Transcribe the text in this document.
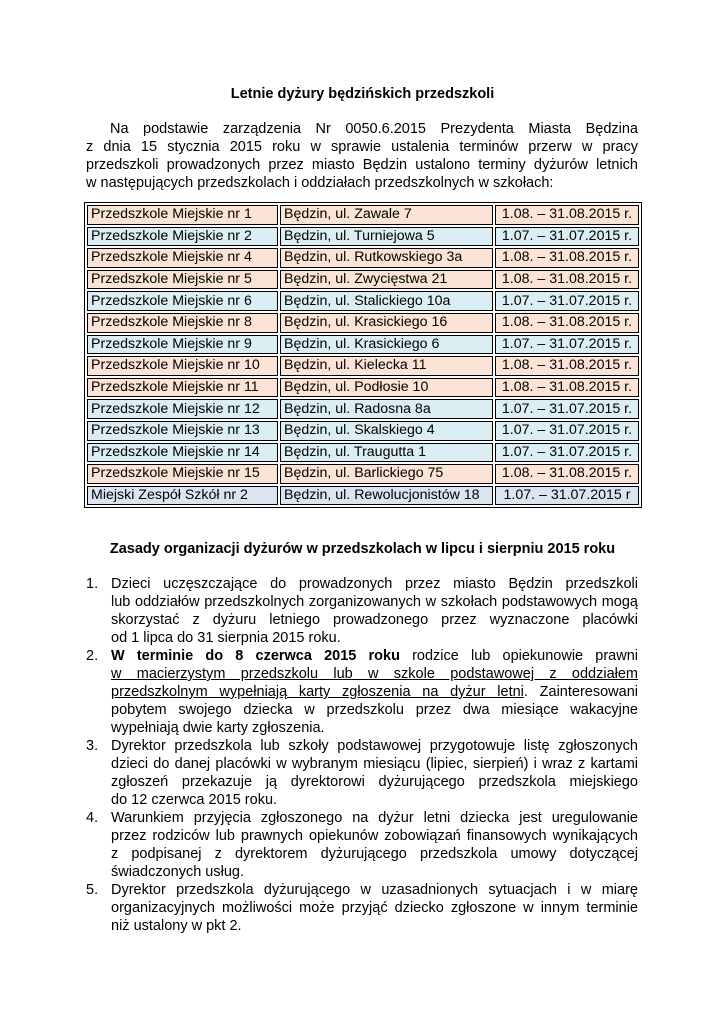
Letnie dyżury będzińskich przedszkoli
Na podstawie zarządzenia Nr 0050.6.2015 Prezydenta Miasta Będzina
z dnia 15 stycznia 2015 roku w sprawie ustalenia terminów przerw w pracy
przedszkoli prowadzonych przez miasto Będzin ustalono terminy dyżurów letnich
w następujących przedszkolach i oddziałach przedszkolnych w szkołach:
Przedszkole Miejskie nr 1	Będzin, ul. Zawale 7	1.08. – 31.08.2015 r.
Przedszkole Miejskie nr 2	Będzin, ul. Turniejowa 5	1.07. – 31.07.2015 r.
Przedszkole Miejskie nr 4	Będzin, ul. Rutkowskiego 3a	1.08. – 31.08.2015 r.
Przedszkole Miejskie nr 5	Będzin, ul. Zwycięstwa 21	1.08. – 31.08.2015 r.
Przedszkole Miejskie nr 6	Będzin, ul. Stalickiego 10a	1.07. – 31.07.2015 r.
Przedszkole Miejskie nr 8	Będzin, ul. Krasickiego 16	1.08. – 31.08.2015 r.
Przedszkole Miejskie nr 9	Będzin, ul. Krasickiego 6	1.07. – 31.07.2015 r.
Przedszkole Miejskie nr 10	Będzin, ul. Kielecka 11	1.08. – 31.08.2015 r.
Przedszkole Miejskie nr 11	Będzin, ul. Podłosie 10	1.08. – 31.08.2015 r.
Przedszkole Miejskie nr 12	Będzin, ul. Radosna 8a	1.07. – 31.07.2015 r.
Przedszkole Miejskie nr 13	Będzin, ul. Skalskiego 4	1.07. – 31.07.2015 r.
Przedszkole Miejskie nr 14	Będzin, ul. Traugutta 1	1.07. – 31.07.2015 r.
Przedszkole Miejskie nr 15	Będzin, ul. Barlickiego 75	1.08. – 31.08.2015 r.
Miejski Zespół Szkół nr 2	Będzin, ul. Rewolucjonistów 18	1.07. – 31.07.2015 r
Zasady organizacji dyżurów w przedszkolach w lipcu i sierpniu 2015 roku
1. Dzieci uczęszczające do prowadzonych przez miasto Będzin przedszkoli
lub oddziałów przedszkolnych zorganizowanych w szkołach podstawowych mogą
skorzystać z dyżuru letniego prowadzonego przez wyznaczone placówki
od 1 lipca do 31 sierpnia 2015 roku.
2. W terminie do 8 czerwca 2015 roku rodzice lub opiekunowie prawni
w macierzystym przedszkolu lub w szkole podstawowej z oddziałem
przedszkolnym wypełniają karty zgłoszenia na dyżur letni. Zainteresowani
pobytem swojego dziecka w przedszkolu przez dwa miesiące wakacyjne
wypełniają dwie karty zgłoszenia.
3. Dyrektor przedszkola lub szkoły podstawowej przygotowuje listę zgłoszonych
dzieci do danej placówki w wybranym miesiącu (lipiec, sierpień) i wraz z kartami
zgłoszeń przekazuje ją dyrektorowi dyżurującego przedszkola miejskiego
do 12 czerwca 2015 roku.
4. Warunkiem przyjęcia zgłoszonego na dyżur letni dziecka jest uregulowanie
przez rodziców lub prawnych opiekunów zobowiązań finansowych wynikających
z podpisanej z dyrektorem dyżurującego przedszkola umowy dotyczącej
świadczonych usług.
5. Dyrektor przedszkola dyżurującego w uzasadnionych sytuacjach i w miarę
organizacyjnych możliwości może przyjąć dziecko zgłoszone w innym terminie
niż ustalony w pkt 2.
